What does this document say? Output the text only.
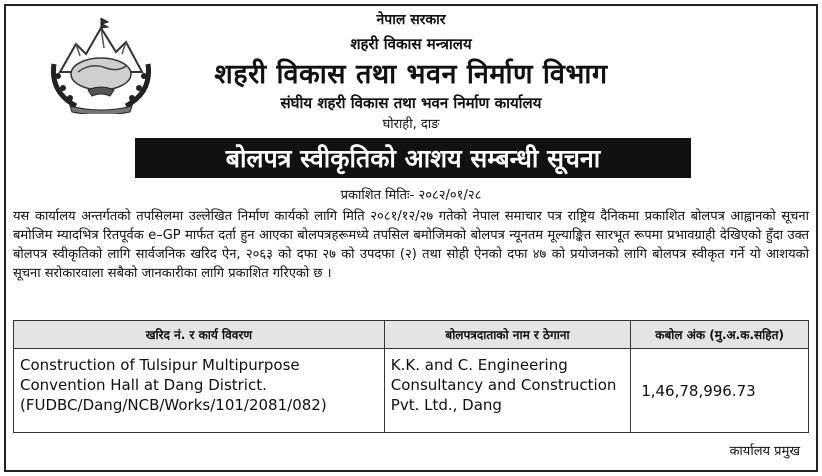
नेपाल सरकार
शहरी विकास मन्त्रालय
शहरी विकास तथा भवन निर्माण विभाग
संघीय शहरी विकास तथा भवन निर्माण कार्यालय
घोराही, दाङ
बोलपत्र स्वीकृतिको आशय सम्बन्धी सूचना
प्रकाशित मितिः- २०८२/०१/२८
यस कार्यालय अन्तर्गतको तपसिलमा उल्लेखित निर्माण कार्यको लागि मिति २०८१/१२/२७ गतेको नेपाल समाचार पत्र राष्ट्रिय दैनिकमा प्रकाशित बोलपत्र आह्वानको सूचना बमोजिम म्यादभित्र रितपूर्वक e–GP मार्फत दर्ता हुन आएका बोलपत्रहरूमध्ये तपसिल बमोजिमको बोलपत्र न्यूनतम मूल्याङ्कित सारभूत रूपमा प्रभावग्राही देखिएको हुँदा उक्त बोलपत्र स्वीकृतिको लागि सार्वजनिक खरिद ऐन, २०६३ को दफा २७ को उपदफा (२) तथा सोही ऐनको दफा ४७ को प्रयोजनको लागि बोलपत्र स्वीकृत गर्ने यो आशयको सूचना सरोकारवाला सबैको जानकारीका लागि प्रकाशित गरिएको छ ।
खरिद नं. र कार्य विवरण	बोलपत्रदाताको नाम र ठेगाना	कबोल अंक (मु.अ.क.सहित)
Construction of Tulsipur Multipurpose Convention Hall at Dang District. (FUDBC/Dang/NCB/Works/101/2081/082)	K.K. and C. Engineering Consultancy and Construction Pvt. Ltd., Dang	1,46,78,996.73
कार्यालय प्रमुख
